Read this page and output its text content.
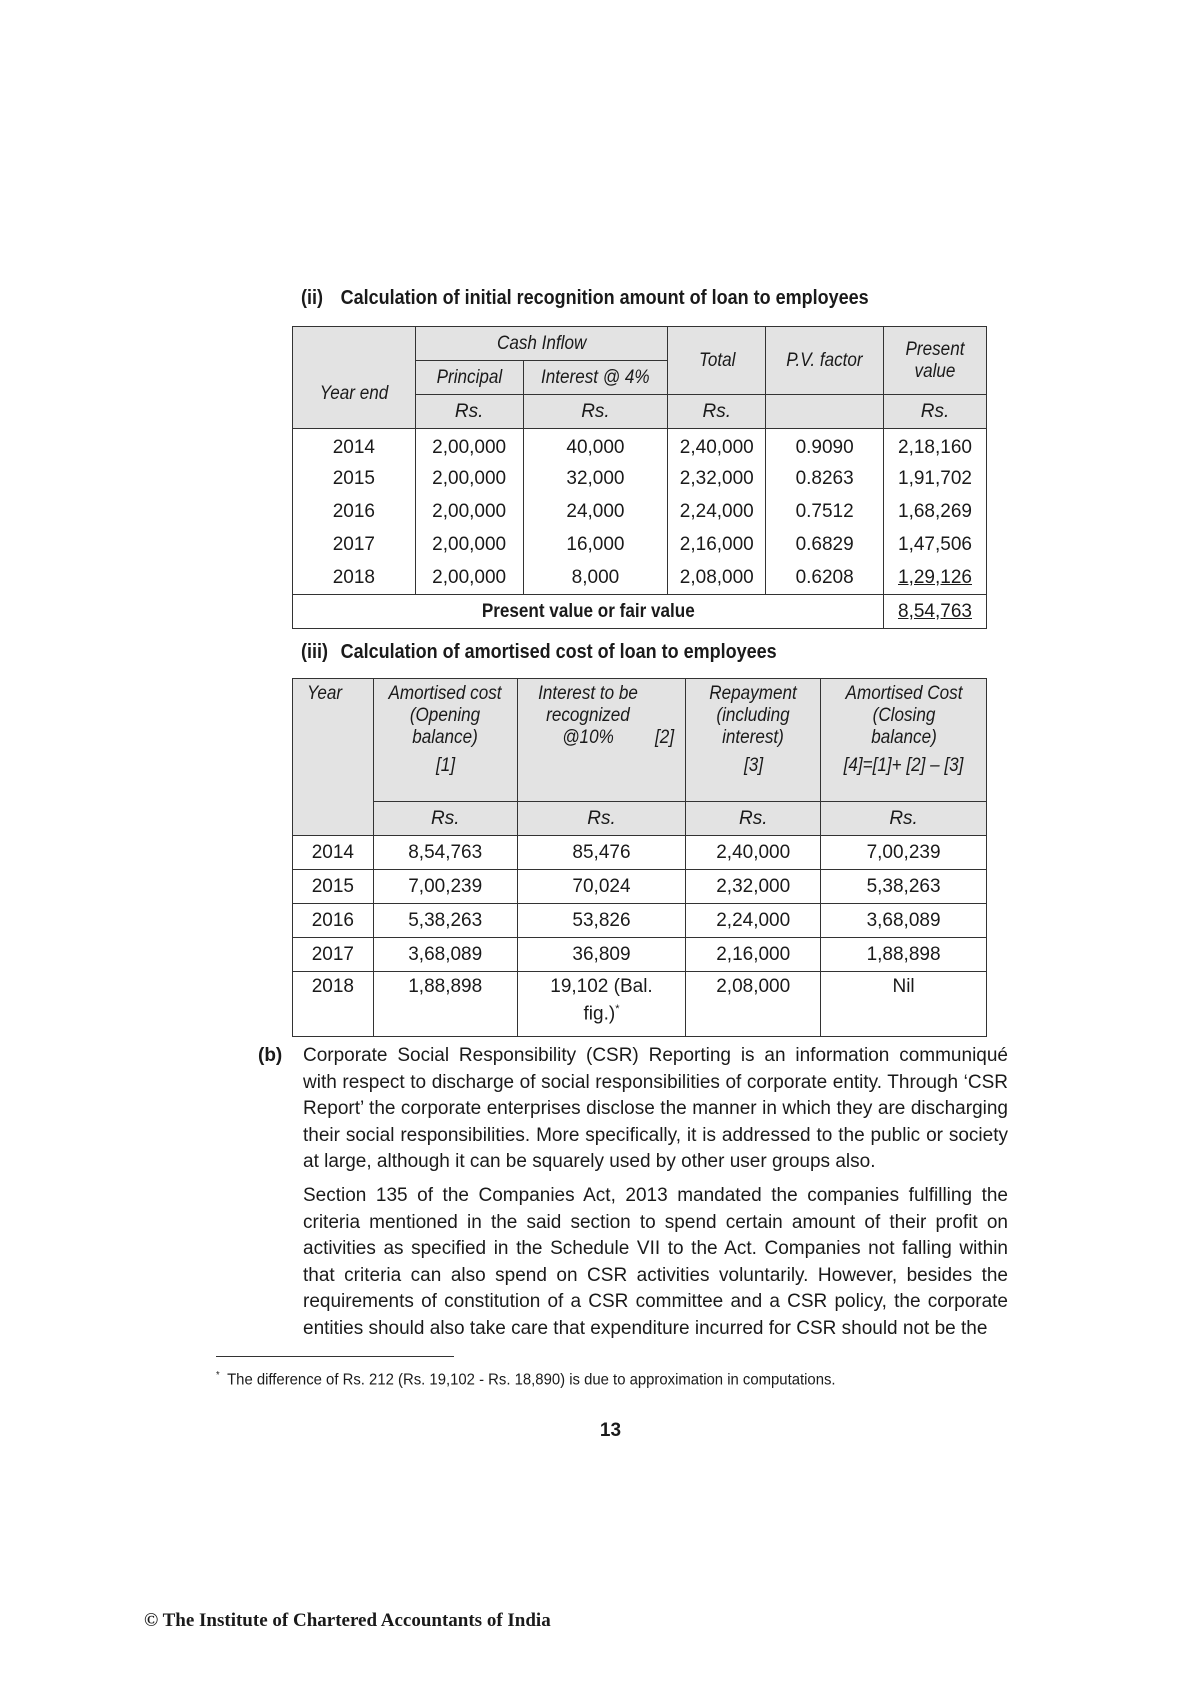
(ii) Calculation of initial recognition amount of loan to employees
	Cash Inflow		Total	P.V. factor	Present value
Year end	Principal	Interest @ 4%			
	Rs.	Rs.	Rs.		Rs.
2014	2,00,000	40,000	2,40,000	0.9090	2,18,160
2015	2,00,000	32,000	2,32,000	0.8263	1,91,702
2016	2,00,000	24,000	2,24,000	0.7512	1,68,269
2017	2,00,000	16,000	2,16,000	0.6829	1,47,506
2018	2,00,000	8,000	2,08,000	0.6208	1,29,126
Present value or fair value					8,54,763
(iii) Calculation of amortised cost of loan to employees
Year	Amortised cost (Opening balance) [1]	Interest to be recognized @10% [2]	Repayment (including interest) [3]	Amortised Cost (Closing balance) [4]=[1]+ [2] – [3]
	Rs.	Rs.	Rs.	Rs.
2014	8,54,763	85,476	2,40,000	7,00,239
2015	7,00,239	70,024	2,32,000	5,38,263
2016	5,38,263	53,826	2,24,000	3,68,089
2017	3,68,089	36,809	2,16,000	1,88,898
2018	1,88,898	19,102 (Bal. fig.)*	2,08,000	Nil
(b) Corporate Social Responsibility (CSR) Reporting is an information communiqué with respect to discharge of social responsibilities of corporate entity. Through ‘CSR Report’ the corporate enterprises disclose the manner in which they are discharging their social responsibilities. More specifically, it is addressed to the public or society at large, although it can be squarely used by other user groups also.
Section 135 of the Companies Act, 2013 mandated the companies fulfilling the criteria mentioned in the said section to spend certain amount of their profit on activities as specified in the Schedule VII to the Act. Companies not falling within that criteria can also spend on CSR activities voluntarily. However, besides the requirements of constitution of a CSR committee and a CSR policy, the corporate entities should also take care that expenditure incurred for CSR should not be the
* The difference of Rs. 212 (Rs. 19,102 - Rs. 18,890) is due to approximation in computations.
13
© The Institute of Chartered Accountants of India
